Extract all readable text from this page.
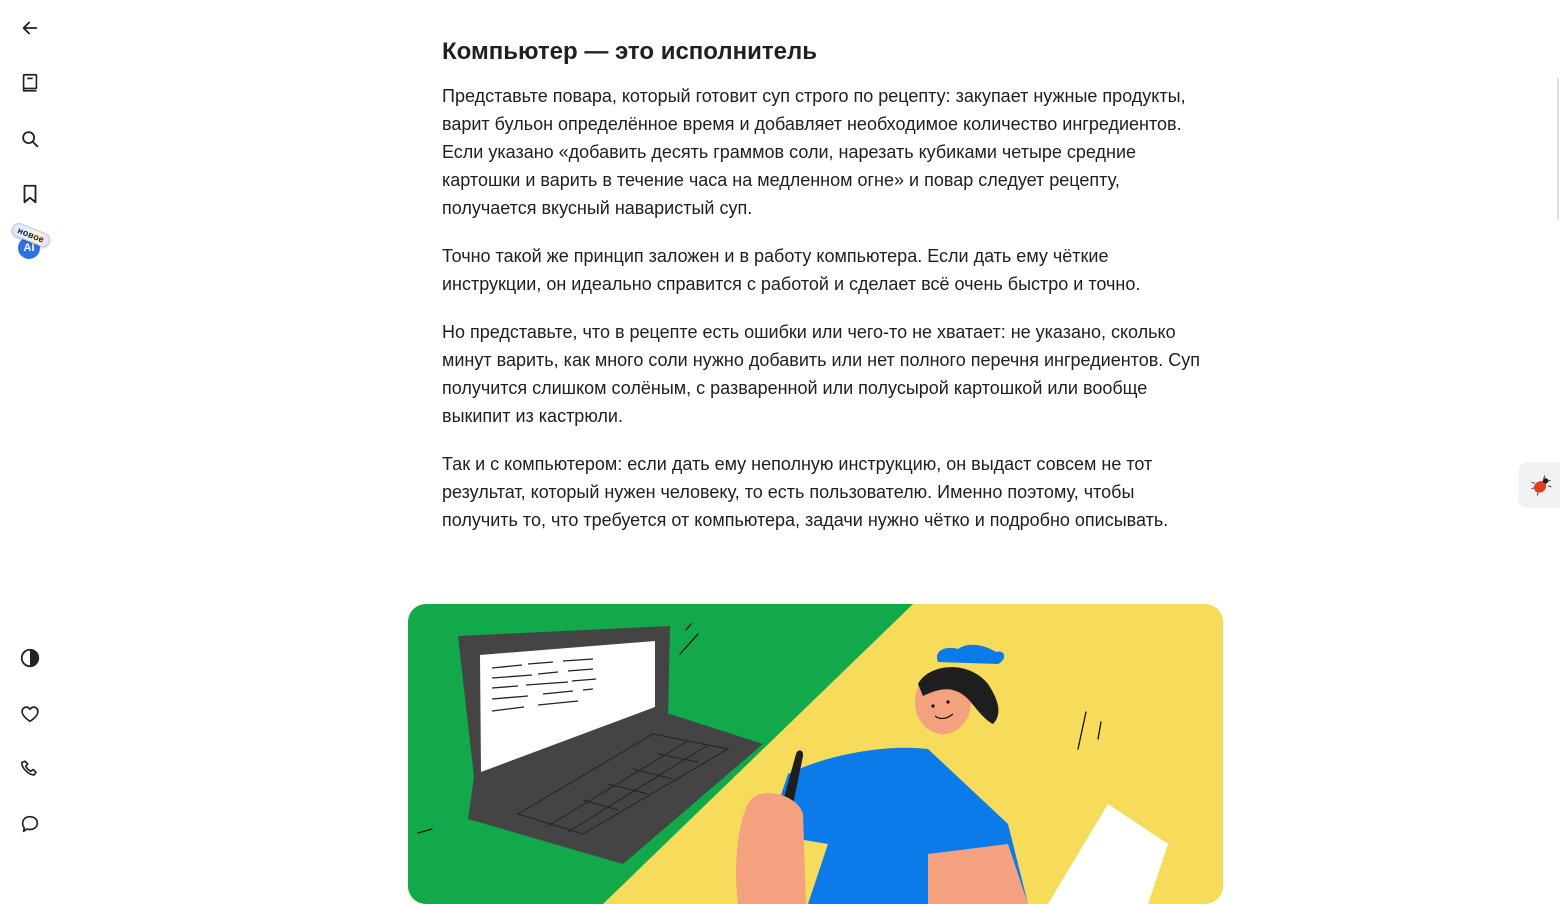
AI
новое
Компьютер — это исполнитель

Представьте повара, который готовит суп строго по рецепту: закупает нужные продукты, варит бульон определённое время и добавляет необходимое количество ингредиентов. Если указано «добавить десять граммов соли, нарезать кубиками четыре средние картошки и варить в течение часа на медленном огне» и повар следует рецепту, получается вкусный наваристый суп.

Точно такой же принцип заложен и в работу компьютера. Если дать ему чёткие инструкции, он идеально справится с работой и сделает всё очень быстро и точно.

Но представьте, что в рецепте есть ошибки или чего-то не хватает: не указано, сколько минут варить, как много соли нужно добавить или нет полного перечня ингредиентов. Суп получится слишком солёным, с разваренной или полусырой картошкой или вообще выкипит из кастрюли.

Так и с компьютером: если дать ему неполную инструкцию, он выдаст совсем не тот результат, который нужен человеку, то есть пользователю. Именно поэтому, чтобы получить то, что требуется от компьютера, задачи нужно чётко и подробно описывать.
